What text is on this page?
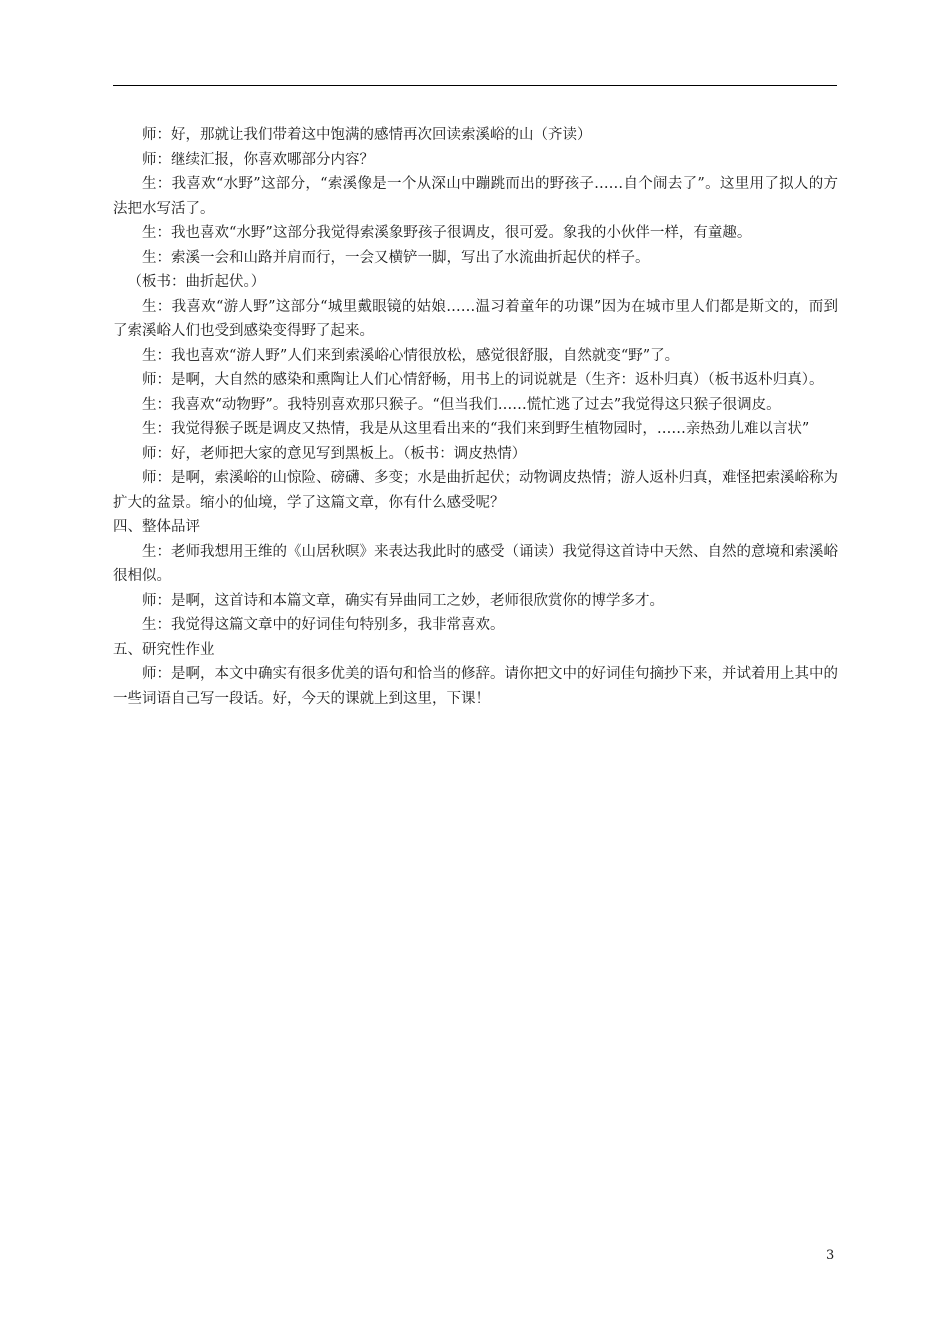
师：好，那就让我们带着这中饱满的感情再次回读索溪峪的山（齐读）

师：继续汇报，你喜欢哪部分内容？

生：我喜欢“水野”这部分，“索溪像是一个从深山中蹦跳而出的野孩子……自个闹去了”。这里用了拟人的方法把水写活了。

生：我也喜欢“水野”这部分我觉得索溪象野孩子很调皮，很可爱。象我的小伙伴一样，有童趣。

生：索溪一会和山路并肩而行，一会又横铲一脚，写出了水流曲折起伏的样子。

（板书：曲折起伏。）

生：我喜欢“游人野”这部分“城里戴眼镜的姑娘……温习着童年的功课”因为在城市里人们都是斯文的，而到了索溪峪人们也受到感染变得野了起来。

生：我也喜欢“游人野”人们来到索溪峪心情很放松，感觉很舒服，自然就变“野”了。

师：是啊，大自然的感染和熏陶让人们心情舒畅，用书上的词说就是（生齐：返朴归真）（板书返朴归真）。

生：我喜欢“动物野”。我特别喜欢那只猴子。“但当我们……慌忙逃了过去”我觉得这只猴子很调皮。

生：我觉得猴子既是调皮又热情，我是从这里看出来的“我们来到野生植物园时，……亲热劲儿难以言状”

师：好，老师把大家的意见写到黑板上。（板书：调皮热情）

师：是啊，索溪峪的山惊险、磅礴、多变；水是曲折起伏；动物调皮热情；游人返朴归真，难怪把索溪峪称为扩大的盆景。缩小的仙境，学了这篇文章，你有什么感受呢？

四、整体品评

生：老师我想用王维的《山居秋暝》来表达我此时的感受（诵读）我觉得这首诗中天然、自然的意境和索溪峪很相似。

师：是啊，这首诗和本篇文章，确实有异曲同工之妙，老师很欣赏你的博学多才。

生：我觉得这篇文章中的好词佳句特别多，我非常喜欢。

五、研究性作业

师：是啊，本文中确实有很多优美的语句和恰当的修辞。请你把文中的好词佳句摘抄下来，并试着用上其中的一些词语自己写一段话。好，今天的课就上到这里，下课！

3
